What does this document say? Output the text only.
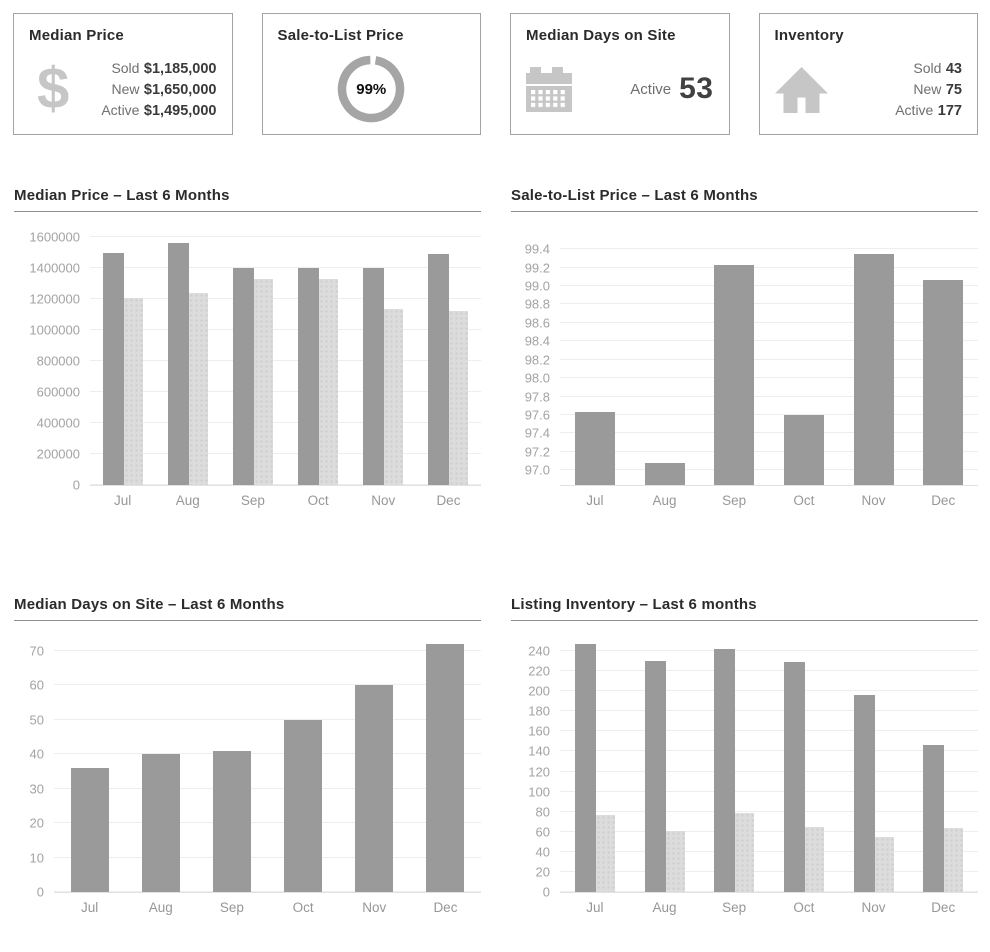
Median Price
$	Sold $1,185,000
New $1,650,000
Active $1,495,000
Sale-to-List Price
99%
Median Days on Site
Active 53
Inventory
Sold 43
New 75
Active 177
Median Price – Last 6 Months
0
200000
400000
600000
800000
1000000
1200000
1400000
1600000
Jul	Aug	Sep	Oct	Nov	Dec
Sale-to-List Price – Last 6 Months
97.0
97.2
97.4
97.6
97.8
98.0
98.2
98.4
98.6
98.8
99.0
99.2
99.4
Jul	Aug	Sep	Oct	Nov	Dec
Median Days on Site – Last 6 Months
0
10
20
30
40
50
60
70
Jul	Aug	Sep	Oct	Nov	Dec
Listing Inventory – Last 6 months
0
20
40
60
80
100
120
140
160
180
200
220
240
Jul	Aug	Sep	Oct	Nov	Dec
